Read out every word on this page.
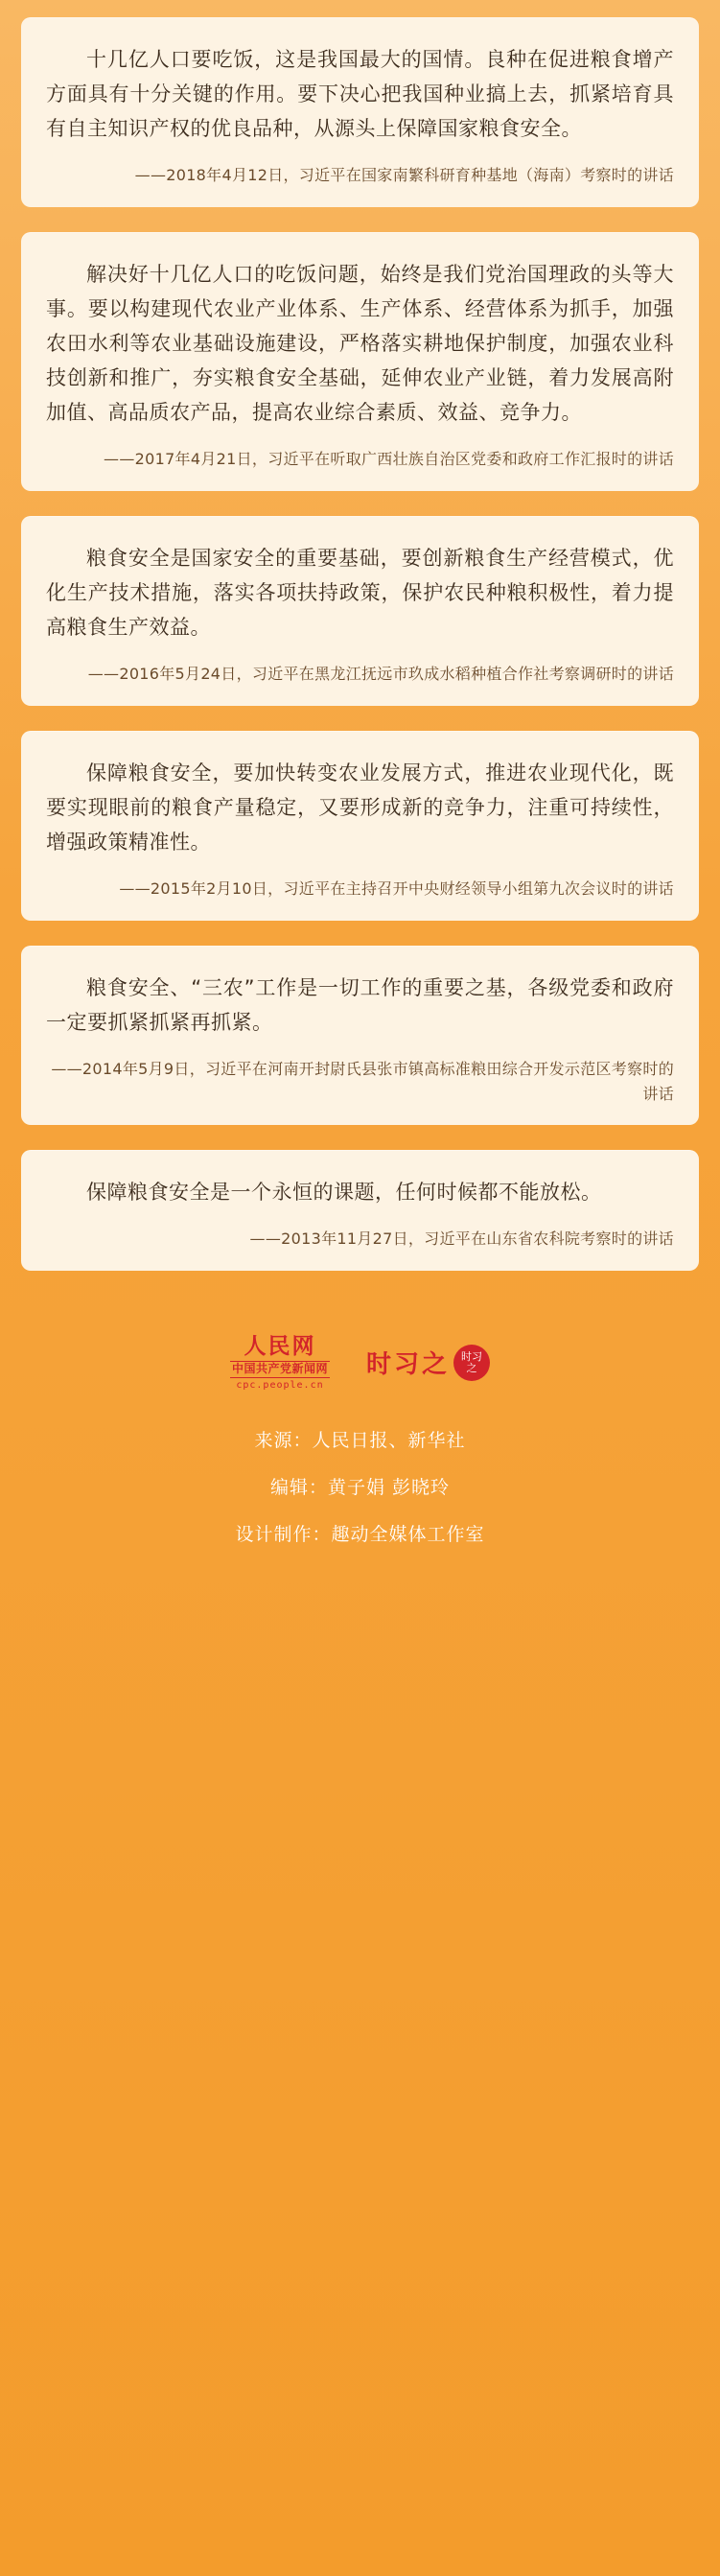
十几亿人口要吃饭，这是我国最大的国情。良种在促进粮食增产方面具有十分关键的作用。要下决心把我国种业搞上去，抓紧培育具有自主知识产权的优良品种，从源头上保障国家粮食安全。
——2018年4月12日，习近平在国家南繁科研育种基地（海南）考察时的讲话
解决好十几亿人口的吃饭问题，始终是我们党治国理政的头等大事。要以构建现代农业产业体系、生产体系、经营体系为抓手，加强农田水利等农业基础设施建设，严格落实耕地保护制度，加强农业科技创新和推广，夯实粮食安全基础，延伸农业产业链，着力发展高附加值、高品质农产品，提高农业综合素质、效益、竞争力。
——2017年4月21日，习近平在听取广西壮族自治区党委和政府工作汇报时的讲话
粮食安全是国家安全的重要基础，要创新粮食生产经营模式，优化生产技术措施，落实各项扶持政策，保护农民种粮积极性，着力提高粮食生产效益。
——2016年5月24日，习近平在黑龙江抚远市玖成水稻种植合作社考察调研时的讲话
保障粮食安全，要加快转变农业发展方式，推进农业现代化，既要实现眼前的粮食产量稳定，又要形成新的竞争力，注重可持续性，增强政策精准性。
——2015年2月10日，习近平在主持召开中央财经领导小组第九次会议时的讲话
粮食安全、“三农”工作是一切工作的重要之基，各级党委和政府一定要抓紧抓紧再抓紧。
——2014年5月9日，习近平在河南开封尉氏县张市镇高标准粮田综合开发示范区考察时的讲话
保障粮食安全是一个永恒的课题，任何时候都不能放松。
——2013年11月27日，习近平在山东省农科院考察时的讲话
人民网
中国共产党新闻网
cpc.people.cn
时习之	时习之
来源：人民日报、新华社
编辑：黄子娟 彭晓玲
设计制作：趣动全媒体工作室
